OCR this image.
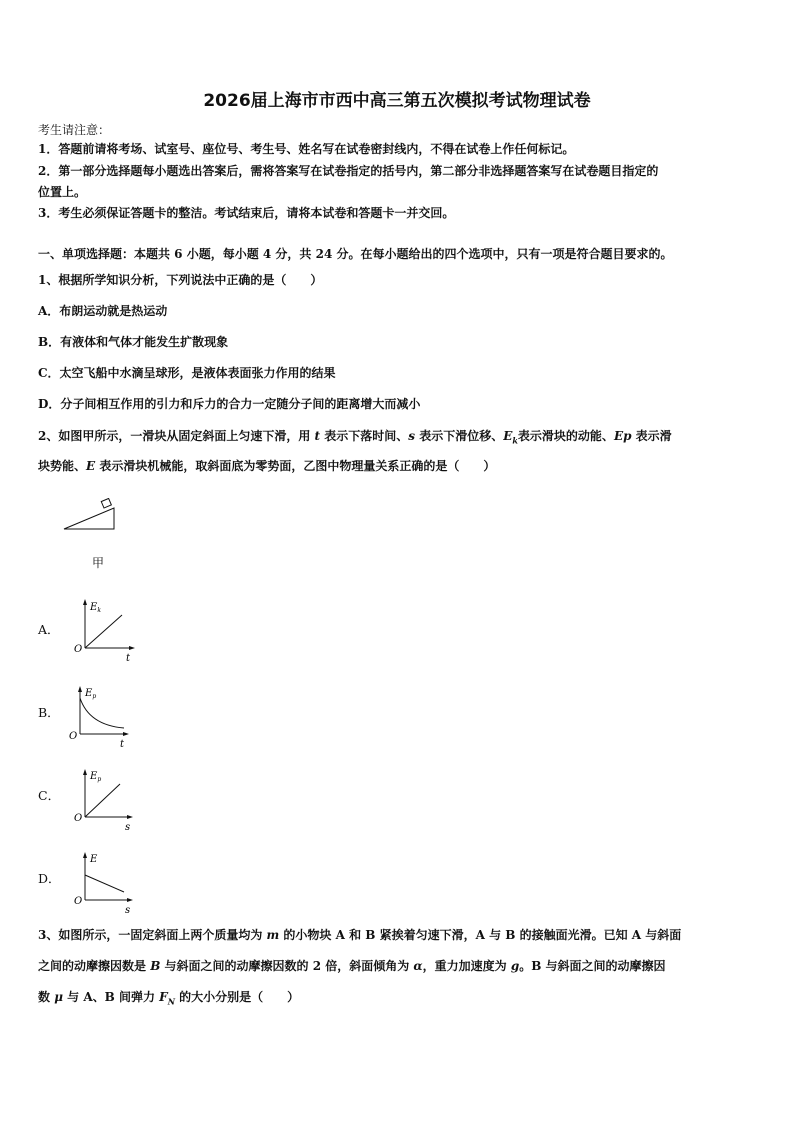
2026届上海市市西中高三第五次模拟考试物理试卷
考生请注意：
1．答题前请将考场、试室号、座位号、考生号、姓名写在试卷密封线内，不得在试卷上作任何标记。
2．第一部分选择题每小题选出答案后，需将答案写在试卷指定的括号内，第二部分非选择题答案写在试卷题目指定的
位置上。
3．考生必须保证答题卡的整洁。考试结束后，请将本试卷和答题卡一并交回。
一、单项选择题：本题共 6 小题，每小题 4 分，共 24 分。在每小题给出的四个选项中，只有一项是符合题目要求的。
1、根据所学知识分析，下列说法中正确的是（　　）
A．布朗运动就是热运动
B．有液体和气体才能发生扩散现象
C．太空飞船中水滴呈球形，是液体表面张力作用的结果
D．分子间相互作用的引力和斥力的合力一定随分子间的距离增大而减小
2、如图甲所示，一滑块从固定斜面上匀速下滑，用 t 表示下落时间、s 表示下滑位移、$E_k$表示滑块的动能、Ep 表示滑
块势能、E 表示滑块机械能，取斜面底为零势面，乙图中物理量关系正确的是（　　）
甲
A．
$E_k$
O
t
B．
$E_p$
O
t
C．
$E_p$
O
s
D．
E
O
s
3、如图所示，一固定斜面上两个质量均为 m 的小物块 A 和 B 紧挨着匀速下滑，A 与 B 的接触面光滑。已知 A 与斜面
之间的动摩擦因数是 B 与斜面之间的动摩擦因数的 2 倍，斜面倾角为 α，重力加速度为 g。B 与斜面之间的动摩擦因
数 μ 与 A、B 间弹力 $F_N$ 的大小分别是（　　）
